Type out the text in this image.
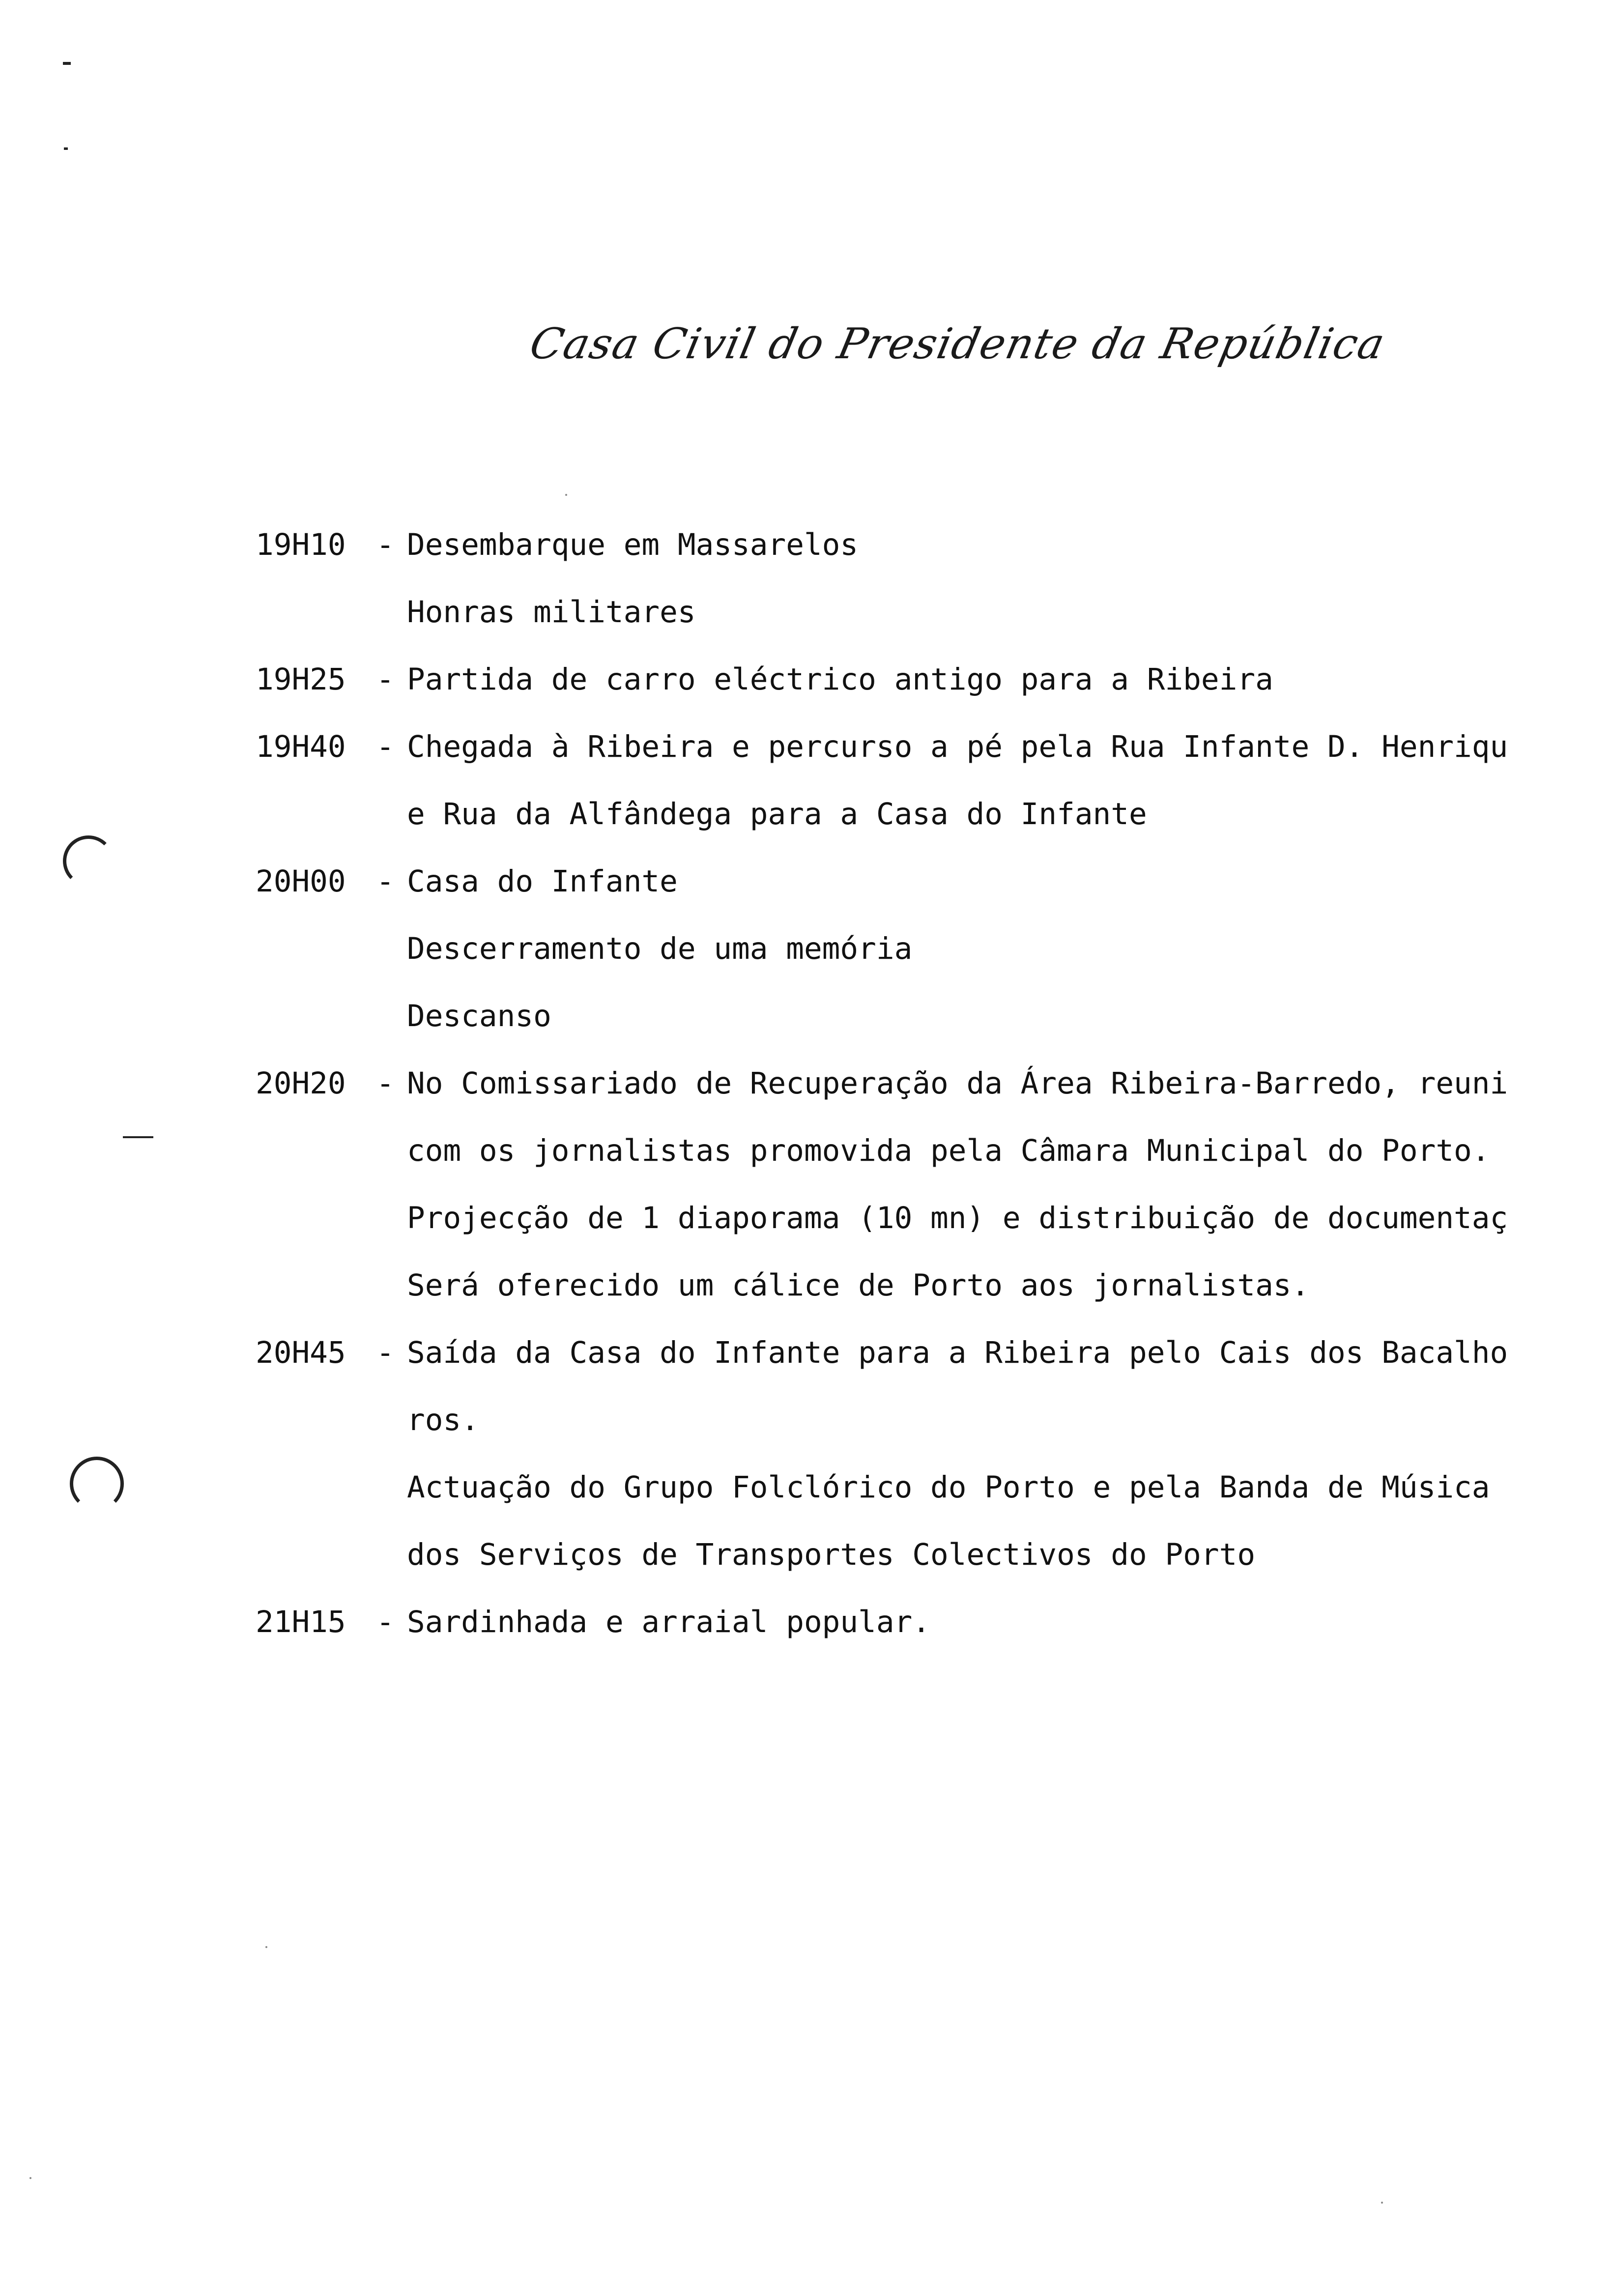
Casa Civil do Presidente da República
19H10	- Desembarque em Massarelos
Honras militares
19H25	- Partida de carro eléctrico antigo para a Ribeira
19H40	- Chegada à Ribeira e percurso a pé pela Rua Infante D. Henriqu
e Rua da Alfândega para a Casa do Infante
20H00	- Casa do Infante
Descerramento de uma memória
Descanso
20H20	- No Comissariado de Recuperação da Área Ribeira-Barredo, reuni
com os jornalistas promovida pela Câmara Municipal do Porto.
Projecção de 1 diaporama (10 mn) e distribuição de documentaç
Será oferecido um cálice de Porto aos jornalistas.
20H45	- Saída da Casa do Infante para a Ribeira pelo Cais dos Bacalho
ros.
Actuação do Grupo Folclórico do Porto e pela Banda de Música
dos Serviços de Transportes Colectivos do Porto
21H15	- Sardinhada e arraial popular.
